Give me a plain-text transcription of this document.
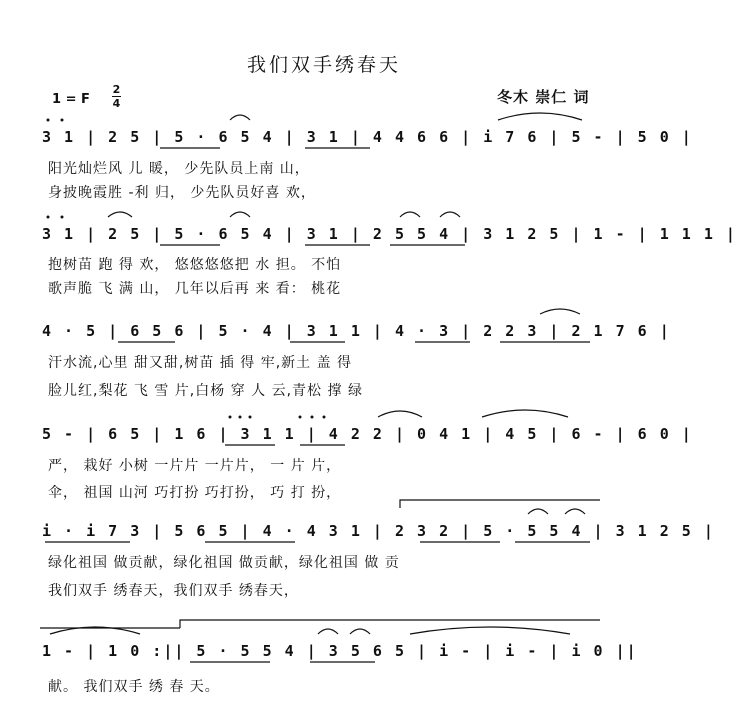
我们双手绣春天
冬木 崇仁 词
1 = F
2
4
3 1 | 2 5 | 5 · 6 5 4 | 3 1 | 4 4 6 6 | i 7 6 | 5 - | 5 0 |
阳光灿烂风 儿 暖， 少先队员上南 山，
身披晚霞胜 -利 归， 少先队员好喜 欢，
3 1 | 2 5 | 5 · 6 5 4 | 3 1 | 2 5 5 4 | 3 1 2 5 | 1 - | 1 1 1 |
抱树苗 跑 得 欢， 悠悠悠悠把 水 担。 不怕
歌声脆 飞 满 山， 几年以后再 来 看： 桃花
4 · 5 | 6 5 6 | 5 · 4 | 3 1 1 | 4 · 3 | 2 2 3 | 2 1 7 6 |
汗水流,心里 甜又甜,树苗 插 得 牢,新土 盖 得
脸儿红,梨花 飞 雪 片,白杨 穿 人 云,青松 撑 绿
5 - | 6 5 | 1 6 | 3 1 1 | 4 2 2 | 0 4 1 | 4 5 | 6 - | 6 0 |
严， 栽好 小树 一片片 一片片， 一 片 片，
伞， 祖国 山河 巧打扮 巧打扮， 巧 打 扮，
i · i 7 3 | 5 6 5 | 4 · 4 3 1 | 2 3 2 | 5 · 5 5 4 | 3 1 2 5 |
绿化祖国 做贡献，绿化祖国 做贡献，绿化祖国 做 贡
我们双手 绣春天，我们双手 绣春天，
1 - | 1 0 :|| 5 · 5 5 4 | 3 5 6 5 | i - | i - | i 0 ||
献。 我们双手 绣 春 天。
